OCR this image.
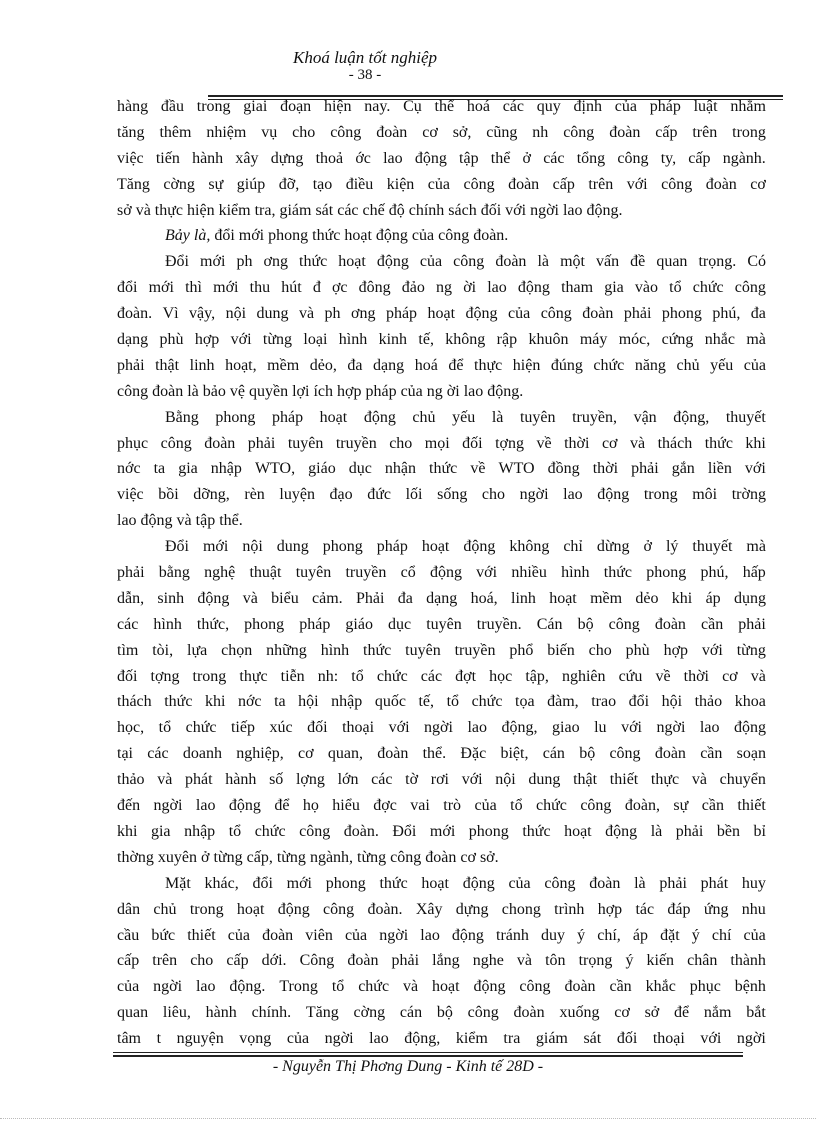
Khoá luận tốt nghiệp
- 38 -
hàng đầu trong giai đoạn hiện nay. Cụ thể hoá các quy định của pháp luật nhằm
tăng thêm nhiệm vụ cho công đoàn cơ sở, cũng nh công đoàn cấp trên trong
việc tiến hành xây dựng thoả ớc lao động tập thể ở các tổng công ty, cấp ngành.
Tăng cờng sự giúp đỡ, tạo điều kiện của công đoàn cấp trên với công đoàn cơ
sở và thực hiện kiểm tra, giám sát các chế độ chính sách đối với ngời lao động.
Bảy là, đổi mới phong thức hoạt động của công đoàn.
Đổi mới ph ơng thức hoạt động của công đoàn là một vấn đề quan trọng. Có
đổi mới thì mới thu hút đ ợc đông đảo ng ời lao động tham gia vào tổ chức công
đoàn. Vì vậy, nội dung và ph ơng pháp hoạt động của công đoàn phải phong phú, đa
dạng phù hợp với từng loại hình kinh tế, không rập khuôn máy móc, cứng nhắc mà
phải thật linh hoạt, mềm dẻo, đa dạng hoá để thực hiện đúng chức năng chủ yếu của
công đoàn là bảo vệ quyền lợi ích hợp pháp của ng ời lao động.
Bằng phong pháp hoạt động chủ yếu là tuyên truyền, vận động, thuyết
phục công đoàn phải tuyên truyền cho mọi đối tợng về thời cơ và thách thức khi
nớc ta gia nhập WTO, giáo dục nhận thức về WTO đồng thời phải gắn liền với
việc bồi dỡng, rèn luyện đạo đức lối sống cho ngời lao động trong môi trờng
lao động và tập thể.
Đổi mới nội dung phong pháp hoạt động không chỉ dừng ở lý thuyết mà
phải bằng nghệ thuật tuyên truyền cổ động với nhiều hình thức phong phú, hấp
dẫn, sinh động và biểu cảm. Phải đa dạng hoá, linh hoạt mềm dẻo khi áp dụng
các hình thức, phong pháp giáo dục tuyên truyền. Cán bộ công đoàn cần phải
tìm tòi, lựa chọn những hình thức tuyên truyền phổ biến cho phù hợp với từng
đối tợng trong thực tiễn nh: tổ chức các đợt học tập, nghiên cứu về thời cơ và
thách thức khi nớc ta hội nhập quốc tế, tổ chức tọa đàm, trao đổi hội thảo khoa
học, tổ chức tiếp xúc đối thoại với ngời lao động, giao lu với ngời lao động
tại các doanh nghiệp, cơ quan, đoàn thể. Đặc biệt, cán bộ công đoàn cần soạn
thảo và phát hành số lợng lớn các tờ rơi với nội dung thật thiết thực và chuyển
đến ngời lao động để họ hiểu đợc vai trò của tổ chức công đoàn, sự cần thiết
khi gia nhập tổ chức công đoàn. Đổi mới phong thức hoạt động là phải bền bỉ
thờng xuyên ở từng cấp, từng ngành, từng công đoàn cơ sở.
Mặt khác, đổi mới phong thức hoạt động của công đoàn là phải phát huy
dân chủ trong hoạt động công đoàn. Xây dựng chong trình hợp tác đáp ứng nhu
cầu bức thiết của đoàn viên của ngời lao động tránh duy ý chí, áp đặt ý chí của
cấp trên cho cấp dới. Công đoàn phải lắng nghe và tôn trọng ý kiến chân thành
của ngời lao động. Trong tổ chức và hoạt động công đoàn cần khắc phục bệnh
quan liêu, hành chính. Tăng cờng cán bộ công đoàn xuống cơ sở để nắm bắt
tâm t nguyện vọng của ngời lao động, kiểm tra giám sát đối thoại với ngời
- Nguyễn Thị Phơng Dung - Kinh tế 28D -
